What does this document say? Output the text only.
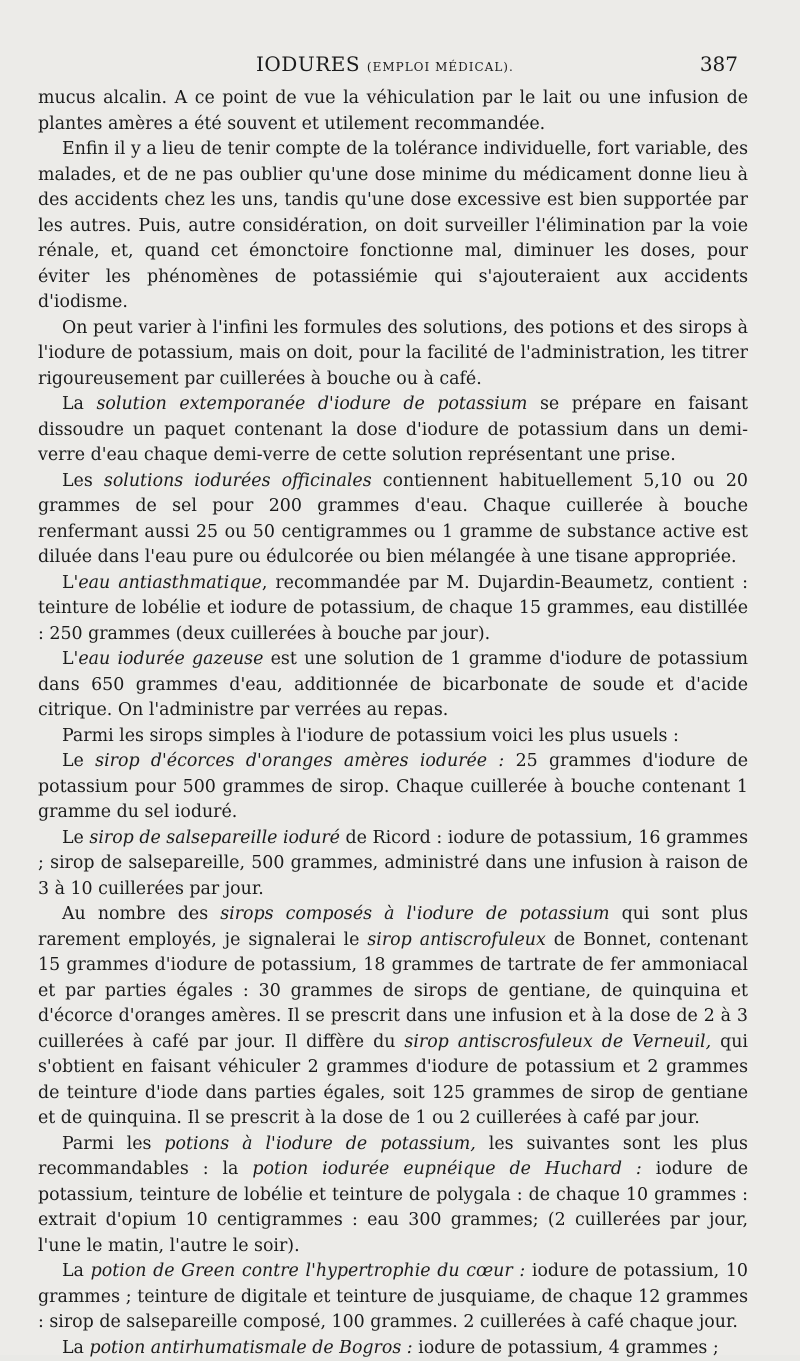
IODURES (EMPLOI MÉDICAL).	387

mucus alcalin. A ce point de vue la véhiculation par le lait ou une infusion de plantes amères a été souvent et utilement recommandée.

Enfin il y a lieu de tenir compte de la tolérance individuelle, fort variable, des malades, et de ne pas oublier qu'une dose minime du médicament donne lieu à des accidents chez les uns, tandis qu'une dose excessive est bien supportée par les autres. Puis, autre considération, on doit surveiller l'élimination par la voie rénale, et, quand cet émonctoire fonctionne mal, diminuer les doses, pour éviter les phénomènes de potassiémie qui s'ajouteraient aux accidents d'iodisme.

On peut varier à l'infini les formules des solutions, des potions et des sirops à l'iodure de potassium, mais on doit, pour la facilité de l'administration, les titrer rigoureusement par cuillerées à bouche ou à café.

La solution extemporanée d'iodure de potassium se prépare en faisant dissoudre un paquet contenant la dose d'iodure de potassium dans un demi-verre d'eau chaque demi-verre de cette solution représentant une prise.

Les solutions iodurées officinales contiennent habituellement 5,10 ou 20 grammes de sel pour 200 grammes d'eau. Chaque cuillerée à bouche renfermant aussi 25 ou 50 centigrammes ou 1 gramme de substance active est diluée dans l'eau pure ou édulcorée ou bien mélangée à une tisane appropriée.

L'eau antiasthmatique, recommandée par M. Dujardin-Beaumetz, contient : teinture de lobélie et iodure de potassium, de chaque 15 grammes, eau distillée : 250 grammes (deux cuillerées à bouche par jour).

L'eau iodurée gazeuse est une solution de 1 gramme d'iodure de potassium dans 650 grammes d'eau, additionnée de bicarbonate de soude et d'acide citrique. On l'administre par verrées au repas.

Parmi les sirops simples à l'iodure de potassium voici les plus usuels :

Le sirop d'écorces d'oranges amères iodurée : 25 grammes d'iodure de potassium pour 500 grammes de sirop. Chaque cuillerée à bouche contenant 1 gramme du sel ioduré.

Le sirop de salsepareille ioduré de Ricord : iodure de potassium, 16 grammes ; sirop de salsepareille, 500 grammes, administré dans une infusion à raison de 3 à 10 cuillerées par jour.

Au nombre des sirops composés à l'iodure de potassium qui sont plus rarement employés, je signalerai le sirop antiscrofuleux de Bonnet, contenant 15 grammes d'iodure de potassium, 18 grammes de tartrate de fer ammoniacal et par parties égales : 30 grammes de sirops de gentiane, de quinquina et d'écorce d'oranges amères. Il se prescrit dans une infusion et à la dose de 2 à 3 cuillerées à café par jour. Il diffère du sirop antiscrosfuleux de Verneuil, qui s'obtient en faisant véhiculer 2 grammes d'iodure de potassium et 2 grammes de teinture d'iode dans parties égales, soit 125 grammes de sirop de gentiane et de quinquina. Il se prescrit à la dose de 1 ou 2 cuillerées à café par jour.

Parmi les potions à l'iodure de potassium, les suivantes sont les plus recommandables : la potion iodurée eupnéique de Huchard : iodure de potassium, teinture de lobélie et teinture de polygala : de chaque 10 grammes : extrait d'opium 10 centigrammes : eau 300 grammes; (2 cuillerées par jour, l'une le matin, l'autre le soir).

La potion de Green contre l'hypertrophie du cœur : iodure de potassium, 10 grammes ; teinture de digitale et teinture de jusquiame, de chaque 12 grammes : sirop de salsepareille composé, 100 grammes. 2 cuillerées à café chaque jour.

La potion antirhumatismale de Bogros : iodure de potassium, 4 grammes ;
